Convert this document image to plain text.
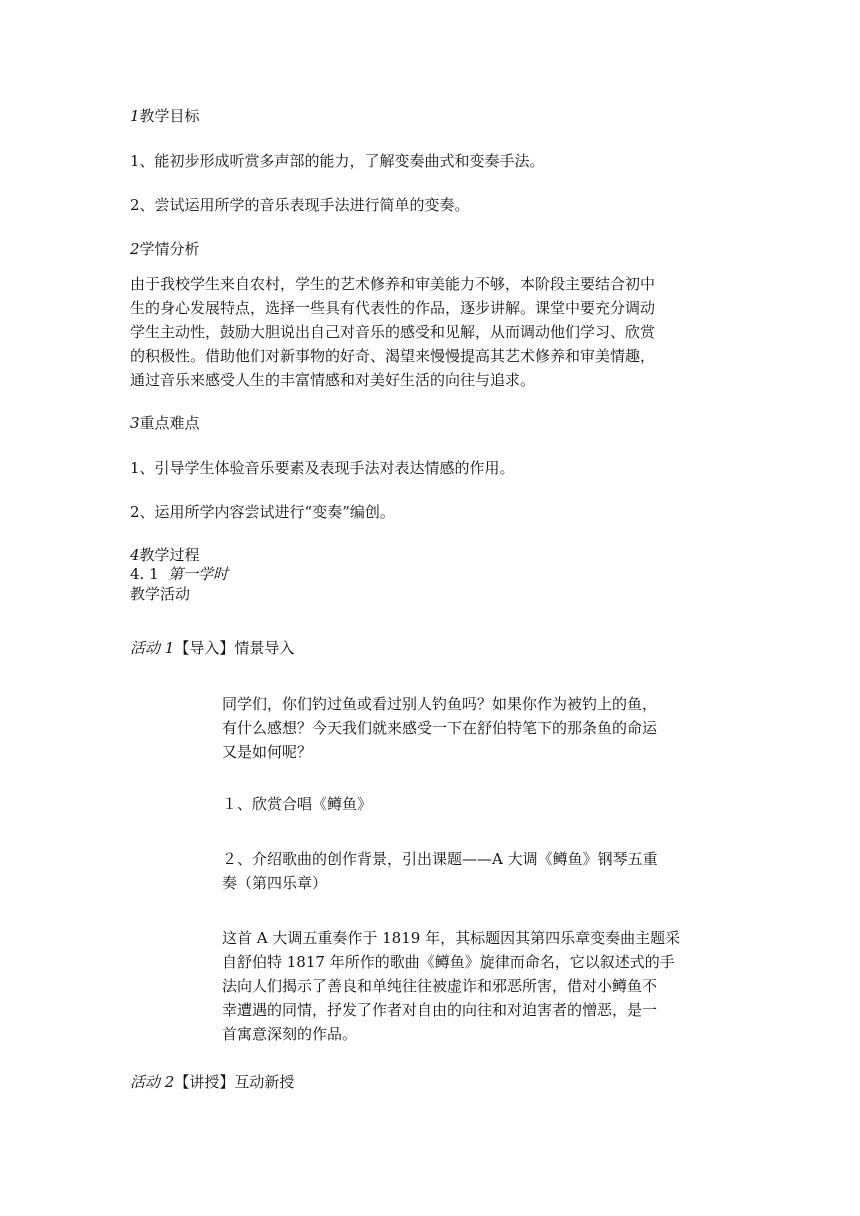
1教学目标
1、能初步形成听赏多声部的能力，了解变奏曲式和变奏手法。
2、尝试运用所学的音乐表现手法进行简单的变奏。
2学情分析
由于我校学生来自农村，学生的艺术修养和审美能力不够，本阶段主要结合初中
生的身心发展特点，选择一些具有代表性的作品，逐步讲解。课堂中要充分调动
学生主动性，鼓励大胆说出自己对音乐的感受和见解，从而调动他们学习、欣赏
的积极性。借助他们对新事物的好奇、渴望来慢慢提高其艺术修养和审美情趣，
通过音乐来感受人生的丰富情感和对美好生活的向往与追求。
3重点难点
1、引导学生体验音乐要素及表现手法对表达情感的作用。
2、运用所学内容尝试进行“变奏”编创。
4教学过程
4. 1 第一学时
教学活动
活动 1【导入】情景导入
同学们，你们钓过鱼或看过别人钓鱼吗？如果你作为被钓上的鱼，
有什么感想？今天我们就来感受一下在舒伯特笔下的那条鱼的命运
又是如何呢？
１、欣赏合唱《鳟鱼》
２、介绍歌曲的创作背景，引出课题——A 大调《鳟鱼》钢琴五重
奏（第四乐章）
这首 A 大调五重奏作于 1819 年，其标题因其第四乐章变奏曲主题采
自舒伯特 1817 年所作的歌曲《鳟鱼》旋律而命名，它以叙述式的手
法向人们揭示了善良和单纯往往被虚诈和邪恶所害，借对小鳟鱼不
幸遭遇的同情，抒发了作者对自由的向往和对迫害者的憎恶，是一
首寓意深刻的作品。
活动 2【讲授】互动新授
